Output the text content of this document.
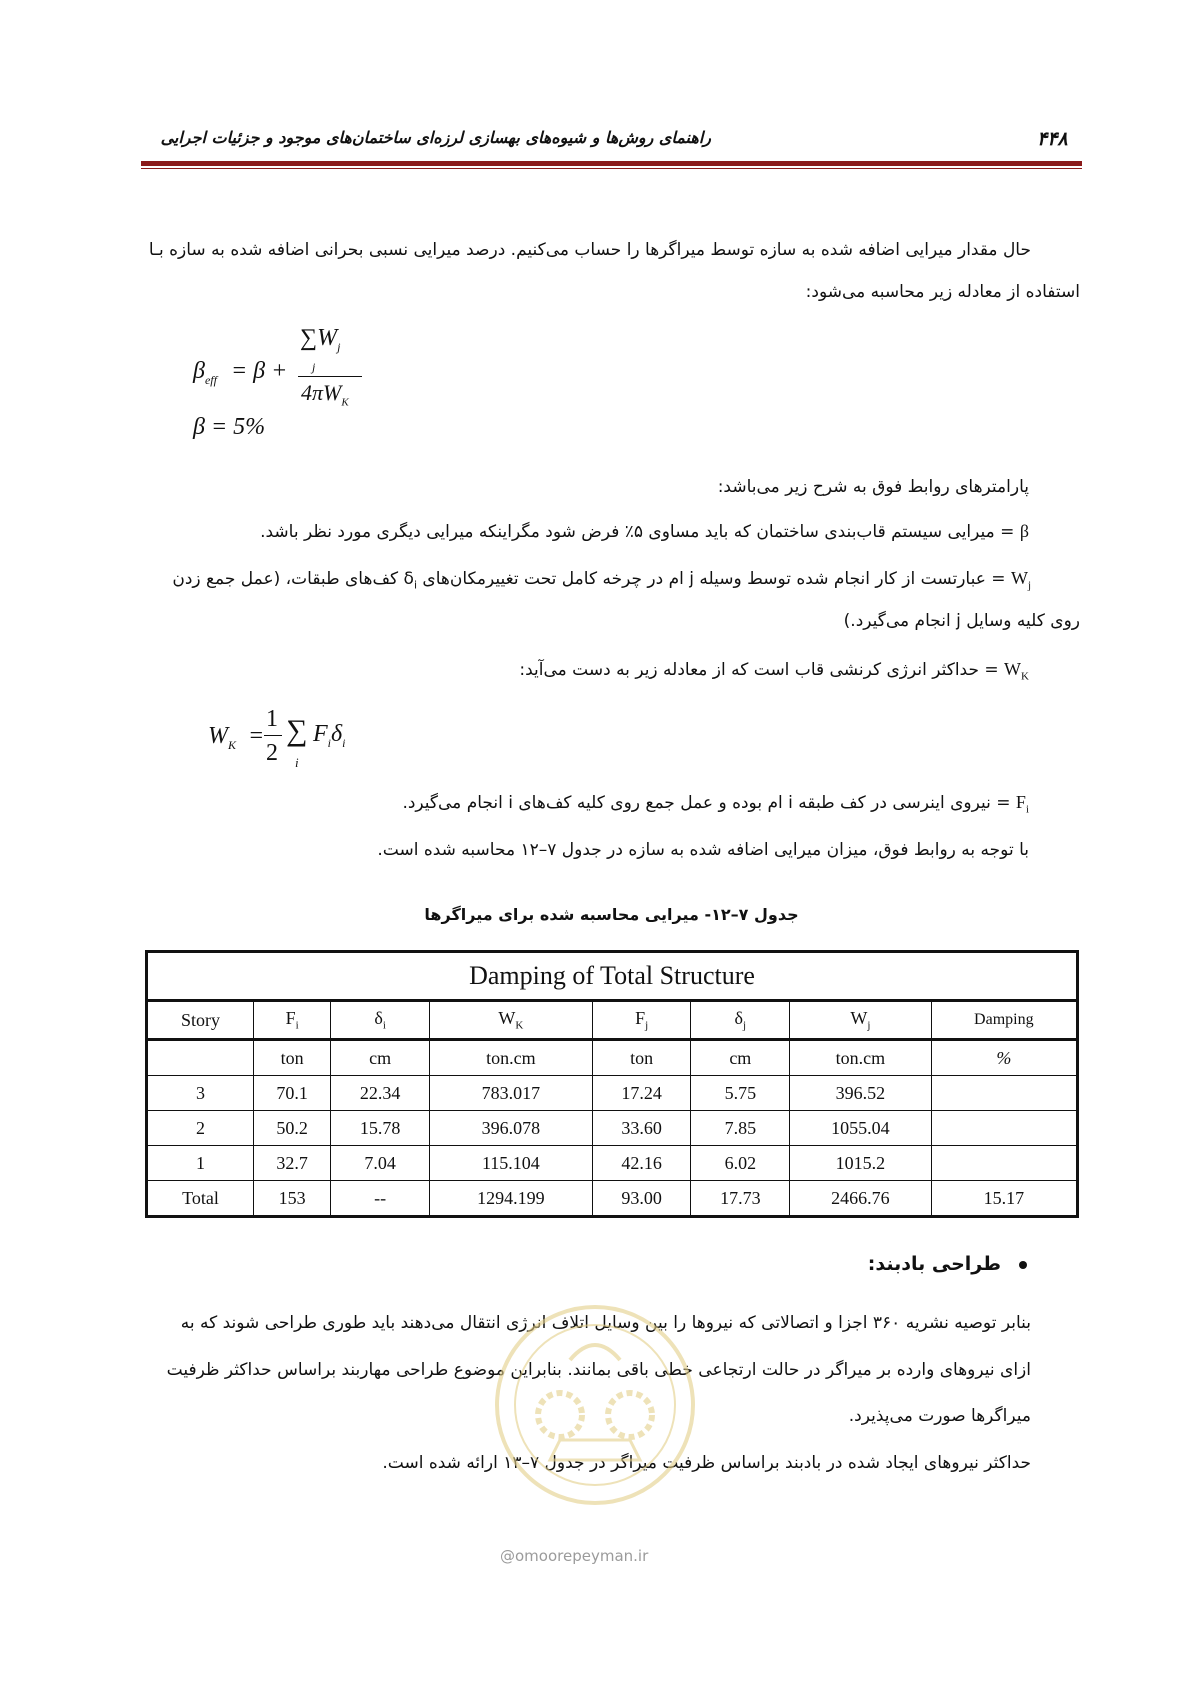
راهنمای روش‌ها و شیوه‌های بهسازی لرزه‌ای ساختمان‌های موجود و جزئیات اجرایی	۴۴۸
حال مقدار میرایی اضافه شده به سازه توسط میراگرها را حساب می‌کنیم. درصد میرایی نسبی بحرانی اضافه شده به سازه بـا
استفاده از معادله زیر محاسبه می‌شود:
$\beta_{eff} = \beta$ +
$\sum W_j$
j
$4\pi W_K$
β = 5%
پارامترهای روابط فوق به شرح زیر می‌باشد:
β = میرایی سیستم قاب‌بندی ساختمان که باید مساوی ۵٪ فرض شود مگراینکه میرایی دیگری مورد نظر باشد.
$W_j$ = عبارتست از کار انجام شده توسط وسیله j ام در چرخه کامل تحت تغییرمکان‌های $\delta_i$ کف‌های طبقات، (عمل جمع زدن
روی کلیه وسایل j انجام می‌گیرد.)
$W_K$ = حداکثر انرژی کرنشی قاب است که از معادله زیر به دست می‌آید:
$W_K$ =
1
2
∑
i
$F_i\delta_i$
$F_i$ = نیروی اینرسی در کف طبقه i ام بوده و عمل جمع روی کلیه کف‌های i انجام می‌گیرد.
با توجه به روابط فوق، میزان میرایی اضافه شده به سازه در جدول ۷–۱۲ محاسبه شده است.
جدول ۷–۱۲- میرایی محاسبه شده برای میراگرها
Damping of Total Structure							
Story	$F_i$	$\delta_i$	$W_K$	$F_j$	$\delta_j$	$W_j$	Damping
	ton	cm	ton.cm	ton	cm	ton.cm	%
3	70.1	22.34	783.017	17.24	5.75	396.52	
2	50.2	15.78	396.078	33.60	7.85	1055.04	
1	32.7	7.04	115.104	42.16	6.02	1015.2	
Total	153	--	1294.199	93.00	17.73	2466.76	15.17
طراحی بادبند:
بنابر توصیه نشریه ۳۶۰ اجزا و اتصالاتی که نیروها را بین وسایل اتلاف انرژی انتقال می‌دهند باید طوری طراحی شوند که به
ازای نیروهای وارده بر میراگر در حالت ارتجاعی خطی باقی بمانند. بنابراین موضوع طراحی مهاربند براساس حداکثر ظرفیت
میراگرها صورت می‌پذیرد.
حداکثر نیروهای ایجاد شده در بادبند براساس ظرفیت میراگر در جدول ۷–۱۳ ارائه شده است.
@omoorepeyman.ir
